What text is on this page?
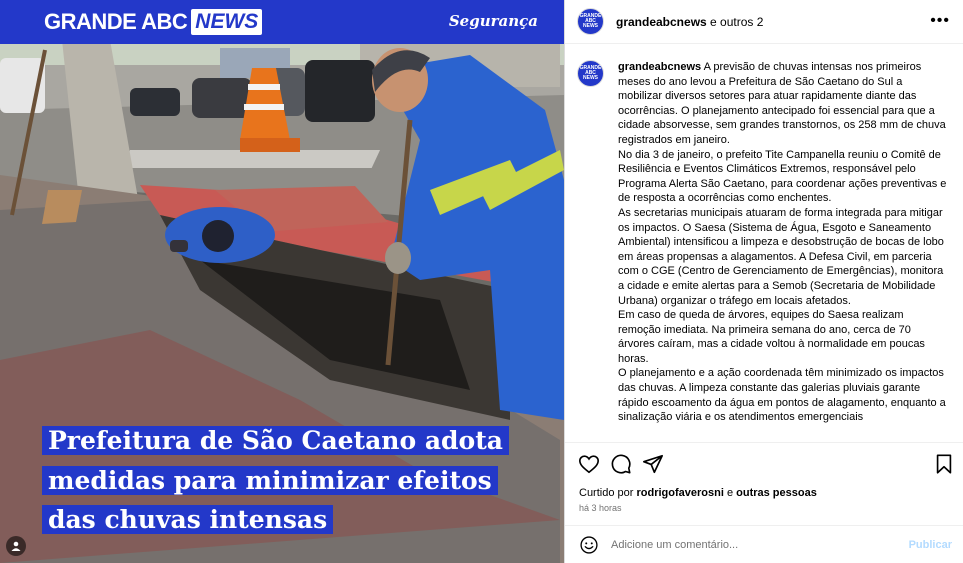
GRANDE ABC NEWS	Segurança
Prefeitura de São Caetano adota
medidas para minimizar efeitos
das chuvas intensas
GRANDE ABC NEWS	grandeabcnews e outros 2	•••
GRANDE ABC NEWS

grandeabcnews A previsão de chuvas intensas nos primeiros meses do ano levou a Prefeitura de São Caetano do Sul a mobilizar diversos setores para atuar rapidamente diante das ocorrências. O planejamento antecipado foi essencial para que a cidade absorvesse, sem grandes transtornos, os 258 mm de chuva registrados em janeiro.

No dia 3 de janeiro, o prefeito Tite Campanella reuniu o Comitê de Resiliência e Eventos Climáticos Extremos, responsável pelo Programa Alerta São Caetano, para coordenar ações preventivas e de resposta a ocorrências como enchentes.

As secretarias municipais atuaram de forma integrada para mitigar os impactos. O Saesa (Sistema de Água, Esgoto e Saneamento Ambiental) intensificou a limpeza e desobstrução de bocas de lobo em áreas propensas a alagamentos. A Defesa Civil, em parceria com o CGE (Centro de Gerenciamento de Emergências), monitora a cidade e emite alertas para a Semob (Secretaria de Mobilidade Urbana) organizar o tráfego em locais afetados.

Em caso de queda de árvores, equipes do Saesa realizam remoção imediata. Na primeira semana do ano, cerca de 70 árvores caíram, mas a cidade voltou à normalidade em poucas horas.

O planejamento e a ação coordenada têm minimizado os impactos das chuvas. A limpeza constante das galerias pluviais garante rápido escoamento da água em pontos de alagamento, enquanto a sinalização viária e os atendimentos emergenciais

Curtido por rodrigofaverosni e outras pessoas
há 3 horas
Adicione um comentário...
Publicar
